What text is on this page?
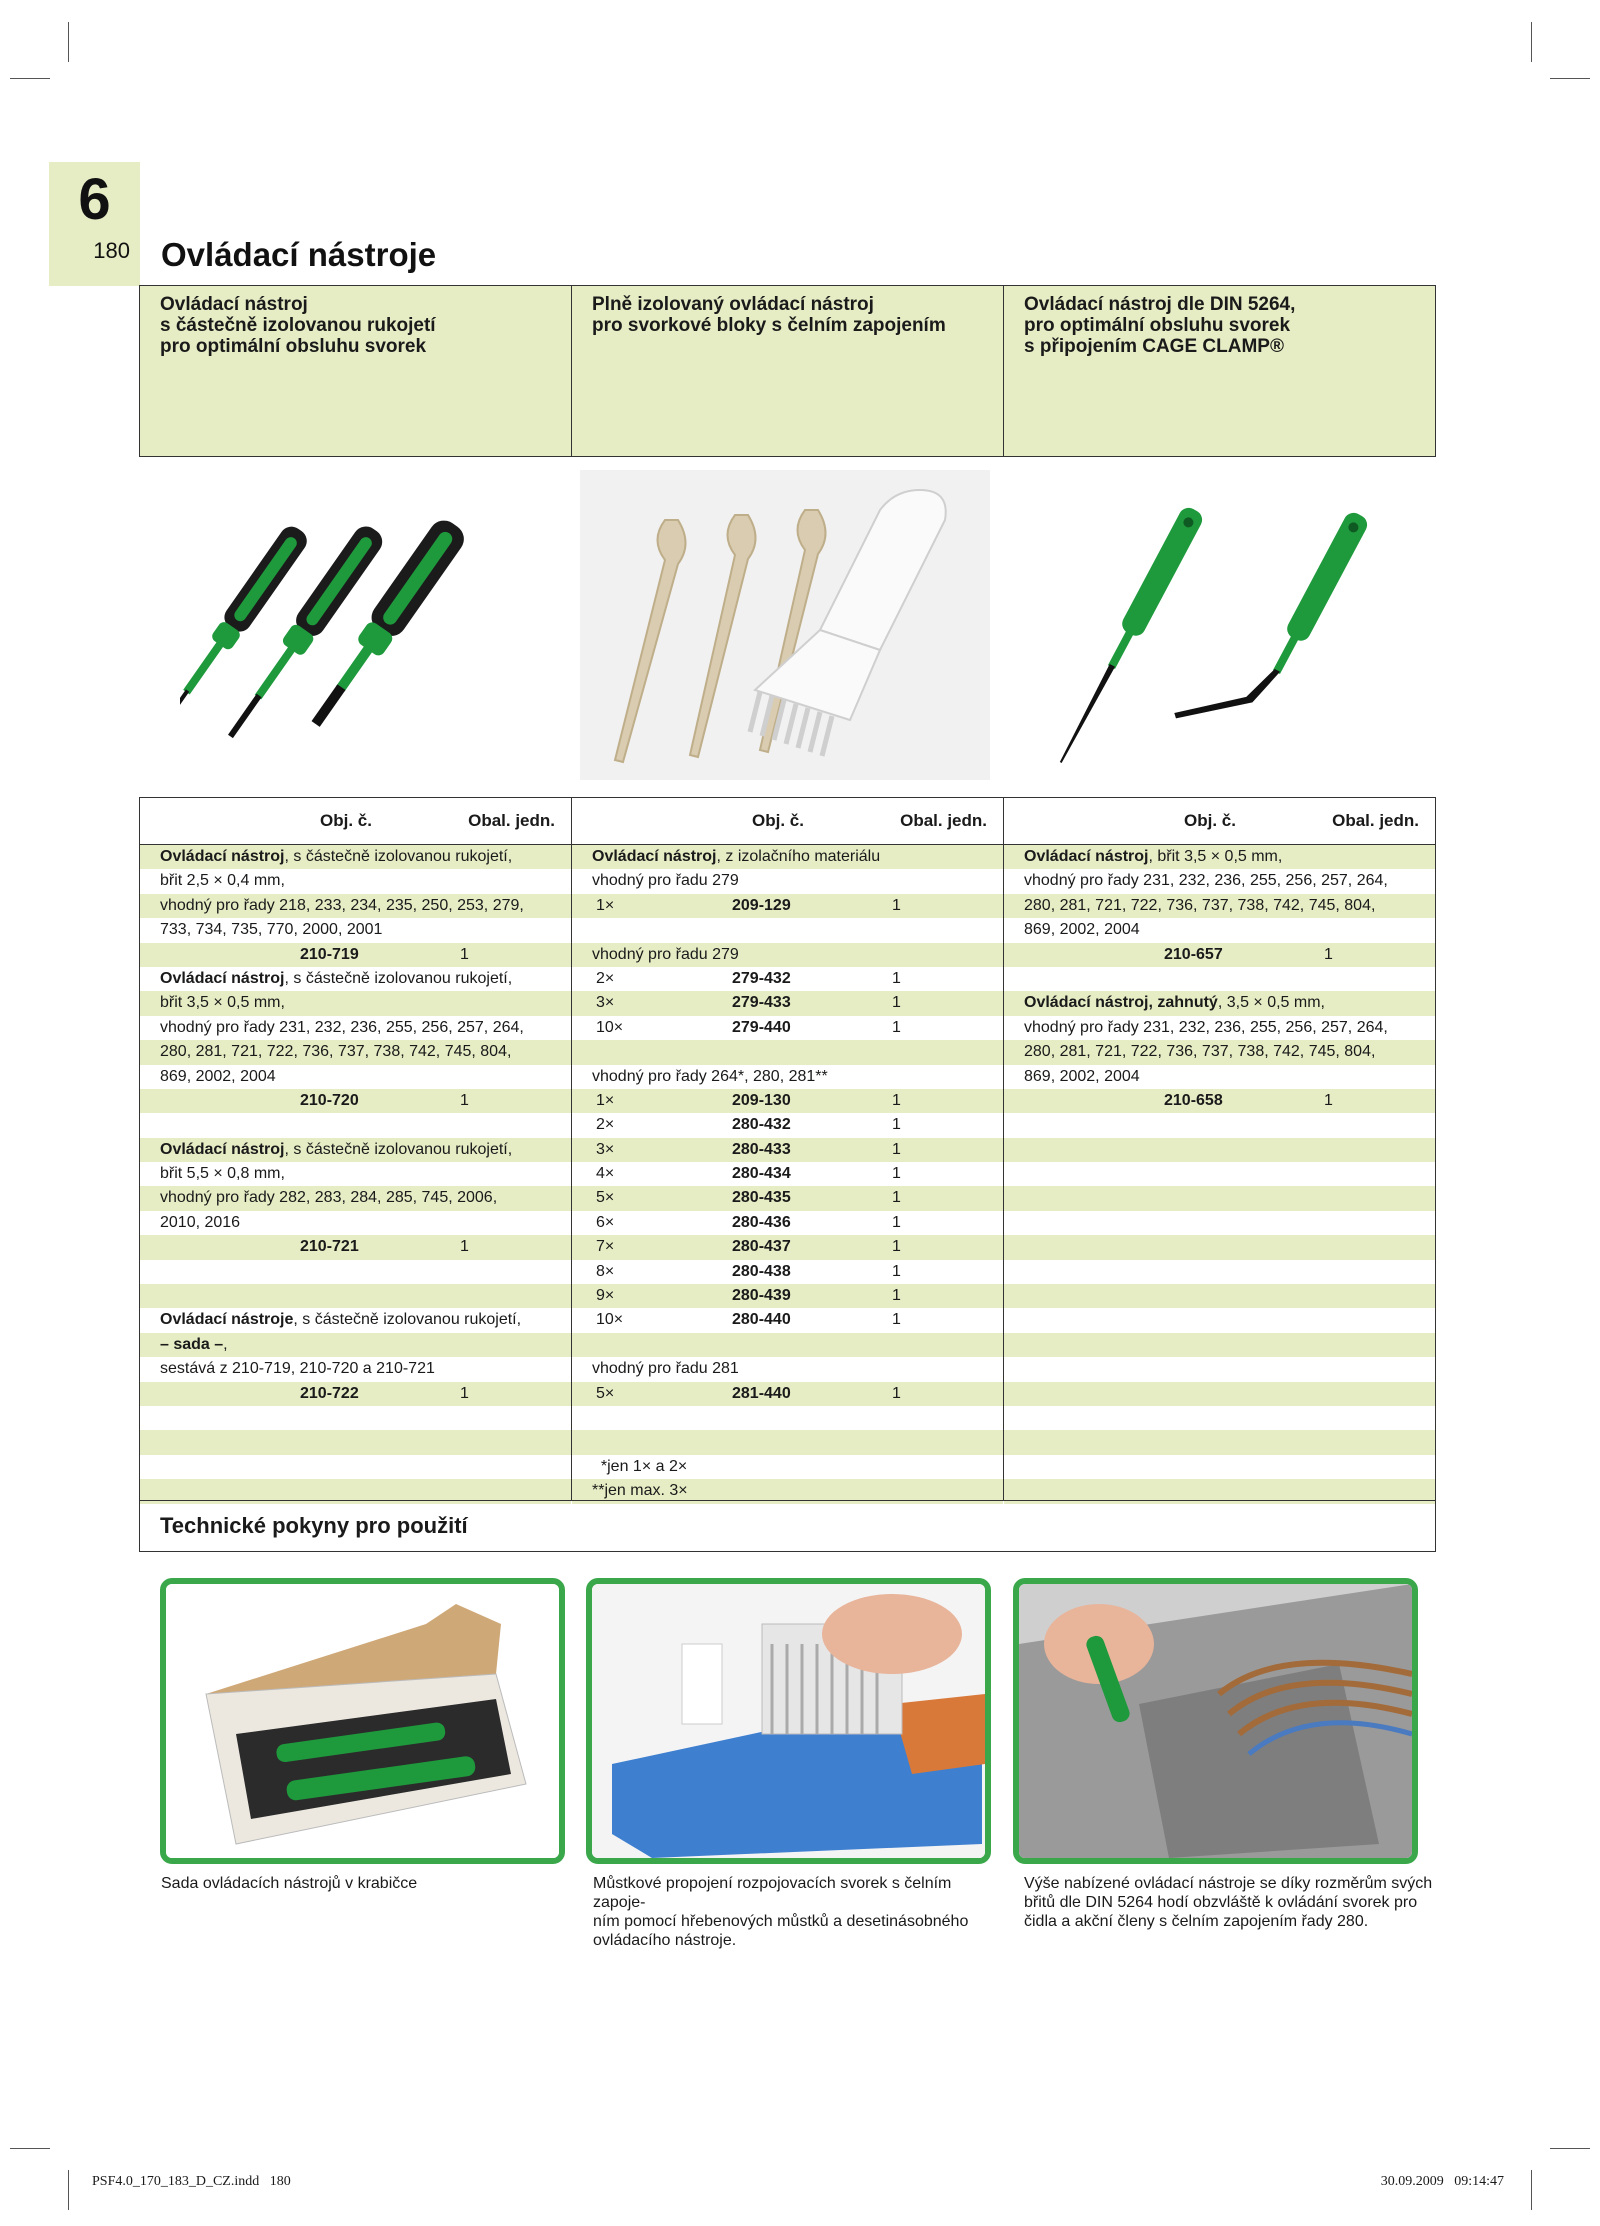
6
180 Ovládací nástroje
Ovládací nástroj
s částečně izolovanou rukojetí
pro optimální obsluhu svorek
Plně izolovaný ovládací nástroj
pro svorkové bloky s čelním zapojením
Ovládací nástroj dle DIN 5264,
pro optimální obsluhu svorek
s připojením CAGE CLAMP®
Obj. č.	Obal. jedn.
Ovládací nástroj, s částečně izolovanou rukojetí,
břit 2,5 × 0,4 mm,
vhodný pro řady 218, 233, 234, 235, 250, 253, 279,
733, 734, 735, 770, 2000, 2001
210-719	1
Ovládací nástroj, s částečně izolovanou rukojetí,
břit 3,5 × 0,5 mm,
vhodný pro řady 231, 232, 236, 255, 256, 257, 264,
280, 281, 721, 722, 736, 737, 738, 742, 745, 804,
869, 2002, 2004
210-720	1
Ovládací nástroj, s částečně izolovanou rukojetí,
břit 5,5 × 0,8 mm,
vhodný pro řady 282, 283, 284, 285, 745, 2006,
2010, 2016
210-721	1
Ovládací nástroje, s částečně izolovanou rukojetí,
– sada –,
sestává z 210-719, 210-720 a 210-721
210-722	1
Obj. č.	Obal. jedn.
Ovládací nástroj, z izolačního materiálu
vhodný pro řadu 279
1×	209-129	1
vhodný pro řadu 279
2×	279-432	1
3×	279-433	1
10×	279-440	1
vhodný pro řady 264*, 280, 281**
1×	209-130	1
2×	280-432	1
3×	280-433	1
4×	280-434	1
5×	280-435	1
6×	280-436	1
7×	280-437	1
8×	280-438	1
9×	280-439	1
10×	280-440	1
vhodný pro řadu 281
5×	281-440	1
*jen 1× a 2×
**jen max. 3×
Obj. č.	Obal. jedn.
Ovládací nástroj, břit 3,5 × 0,5 mm,
vhodný pro řady 231, 232, 236, 255, 256, 257, 264,
280, 281, 721, 722, 736, 737, 738, 742, 745, 804,
869, 2002, 2004
210-657	1
Ovládací nástroj, zahnutý, 3,5 × 0,5 mm,
vhodný pro řady 231, 232, 236, 255, 256, 257, 264,
280, 281, 721, 722, 736, 737, 738, 742, 745, 804,
869, 2002, 2004
210-658	1
Technické pokyny pro použití
Sada ovládacích nástrojů v krabičce	Můstkové propojení rozpojovacích svorek s čelním zapoje-
ním pomocí hřebenových můstků a desetinásobného
ovládacího nástroje.
Výše nabízené ovládací nástroje se díky rozměrům svých
břitů dle DIN 5264 hodí obzvláště k ovládání svorek pro
čidla a akční členy s čelním zapojením řady 280.
PSF4.0_170_183_D_CZ.indd   180	30.09.2009   09:14:47
